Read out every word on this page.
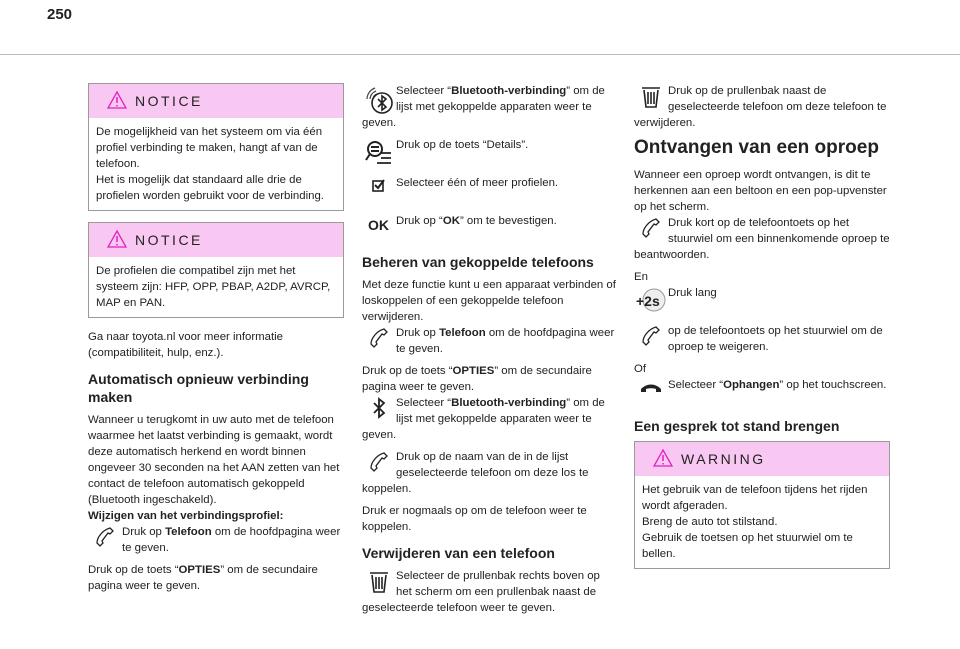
250
NOTICE
De mogelijkheid van het systeem om via één profiel verbinding te maken, hangt af van de telefoon.
Het is mogelijk dat standaard alle drie de profielen worden gebruikt voor de verbinding.
NOTICE
De profielen die compatibel zijn met het systeem zijn: HFP, OPP, PBAP, A2DP, AVRCP, MAP en PAN.

Ga naar toyota.nl voor meer informatie (compatibiliteit, hulp, enz.).

Automatisch opnieuw verbinding maken

Wanneer u terugkomt in uw auto met de telefoon waarmee het laatst verbinding is gemaakt, wordt deze automatisch herkend en wordt binnen ongeveer 30 seconden na het AAN zetten van het contact de telefoon automatisch gekoppeld (Bluetooth ingeschakeld).

Wijzigen van het verbindingsprofiel:

Druk op Telefoon om de hoofdpagina weer te geven.

Druk op de toets “OPTIES” om de secundaire pagina weer te geven.

Selecteer “Bluetooth-verbinding” om de lijst met gekoppelde apparaten weer te geven.
Druk op de toets “Details”.
Selecteer één of meer profielen.
OK Druk op “OK” om te bevestigen.
Beheren van gekoppelde telefoons

Met deze functie kunt u een apparaat verbinden of loskoppelen of een gekoppelde telefoon verwijderen.

Druk op Telefoon om de hoofdpagina weer te geven.

Druk op de toets “OPTIES” om de secundaire pagina weer te geven.

Selecteer “Bluetooth-verbinding” om de lijst met gekoppelde apparaten weer te geven.
Druk op de naam van de in de lijst geselecteerde telefoon om deze los te koppelen.

Druk er nogmaals op om de telefoon weer te koppelen.

Verwijderen van een telefoon
Selecteer de prullenbak rechts boven op het scherm om een prullenbak naast de geselecteerde telefoon weer te geven.
Druk op de prullenbak naast de geselecteerde telefoon om deze telefoon te verwijderen.
Ontvangen van een oproep

Wanneer een oproep wordt ontvangen, is dit te herkennen aan een beltoon en een pop-upvenster op het scherm.

Druk kort op de telefoontoets op het stuurwiel om een binnenkomende oproep te beantwoorden.

En

+2s Druk lang
op de telefoontoets op het stuurwiel om de oproep te weigeren.

Of

Selecteer “Ophangen” op het touchscreen.
Een gesprek tot stand brengen
WARNING
Het gebruik van de telefoon tijdens het rijden wordt afgeraden.
Breng de auto tot stilstand.
Gebruik de toetsen op het stuurwiel om te bellen.
